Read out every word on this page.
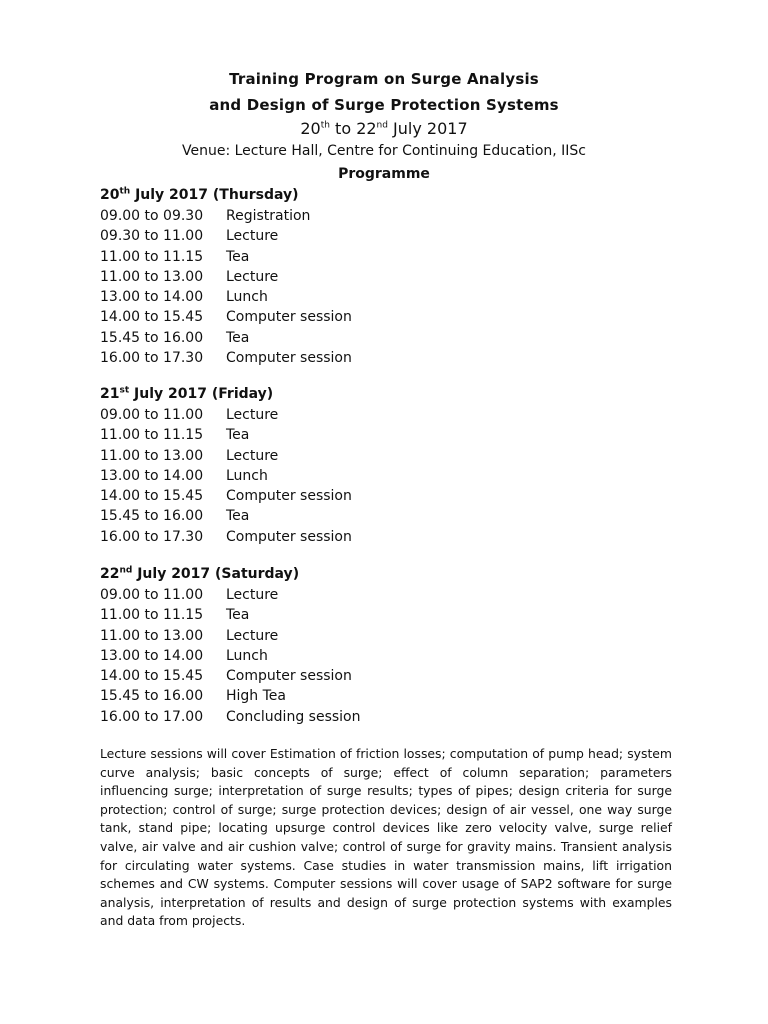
Training Program on Surge Analysis
and Design of Surge Protection Systems
20th to 22nd July 2017
Venue: Lecture Hall, Centre for Continuing Education, IISc
Programme
20th July 2017 (Thursday)
09.00 to 09.30	Registration
09.30 to 11.00	Lecture
11.00 to 11.15	Tea
11.00 to 13.00	Lecture
13.00 to 14.00	Lunch
14.00 to 15.45	Computer session
15.45 to 16.00	Tea
16.00 to 17.30	Computer session
21st July 2017 (Friday)
09.00 to 11.00	Lecture
11.00 to 11.15	Tea
11.00 to 13.00	Lecture
13.00 to 14.00	Lunch
14.00 to 15.45	Computer session
15.45 to 16.00	Tea
16.00 to 17.30	Computer session
22nd July 2017 (Saturday)
09.00 to 11.00	Lecture
11.00 to 11.15	Tea
11.00 to 13.00	Lecture
13.00 to 14.00	Lunch
14.00 to 15.45	Computer session
15.45 to 16.00	High Tea
16.00 to 17.00	Concluding session
Lecture sessions will cover Estimation of friction losses; computation of pump head; system curve analysis; basic concepts of surge; effect of column separation; parameters influencing surge; interpretation of surge results; types of pipes; design criteria for surge protection; control of surge; surge protection devices; design of air vessel, one way surge tank, stand pipe; locating upsurge control devices like zero velocity valve, surge relief valve, air valve and air cushion valve; control of surge for gravity mains. Transient analysis for circulating water systems. Case studies in water transmission mains, lift irrigation schemes and CW systems. Computer sessions will cover usage of SAP2 software for surge analysis, interpretation of results and design of surge protection systems with examples and data from projects.
